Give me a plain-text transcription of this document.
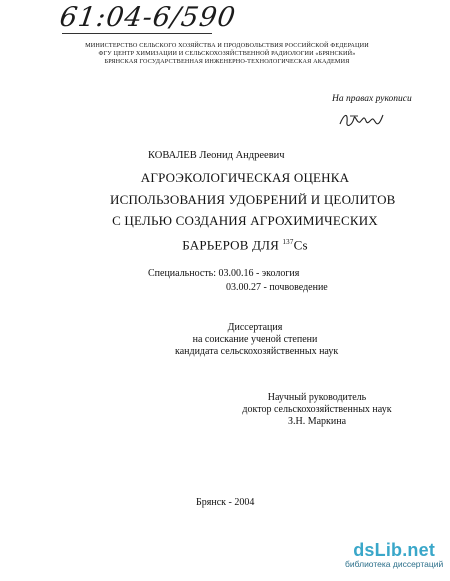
61:04-6/590
МИНИСТЕРСТВО СЕЛЬСКОГО ХОЗЯЙСТВА И ПРОДОВОЛЬСТВИЯ РОССИЙСКОЙ ФЕДЕРАЦИИ
ФГУ ЦЕНТР ХИМИЗАЦИИ И СЕЛЬСКОХОЗЯЙСТВЕННОЙ РАДИОЛОГИИ «БРЯНСКИЙ»
БРЯНСКАЯ ГОСУДАРСТВЕННАЯ ИНЖЕНЕРНО-ТЕХНОЛОГИЧЕСКАЯ АКАДЕМИЯ
На правах рукописи
КОВАЛЕВ Леонид Андреевич
АГРОЭКОЛОГИЧЕСКАЯ ОЦЕНКА
ИСПОЛЬЗОВАНИЯ УДОБРЕНИЙ И ЦЕОЛИТОВ
С ЦЕЛЬЮ СОЗДАНИЯ АГРОХИМИЧЕСКИХ
БАРЬЕРОВ ДЛЯ $^{137}$Cs
Специальность: 03.00.16 - экология
03.00.27 - почвоведение
Диссертация
на соискание ученой степени
кандидата сельскохозяйственных наук
Научный руководитель
доктор сельскохозяйственных наук
З.Н. Маркина
Брянск - 2004
dsLib.net
библиотека диссертаций
